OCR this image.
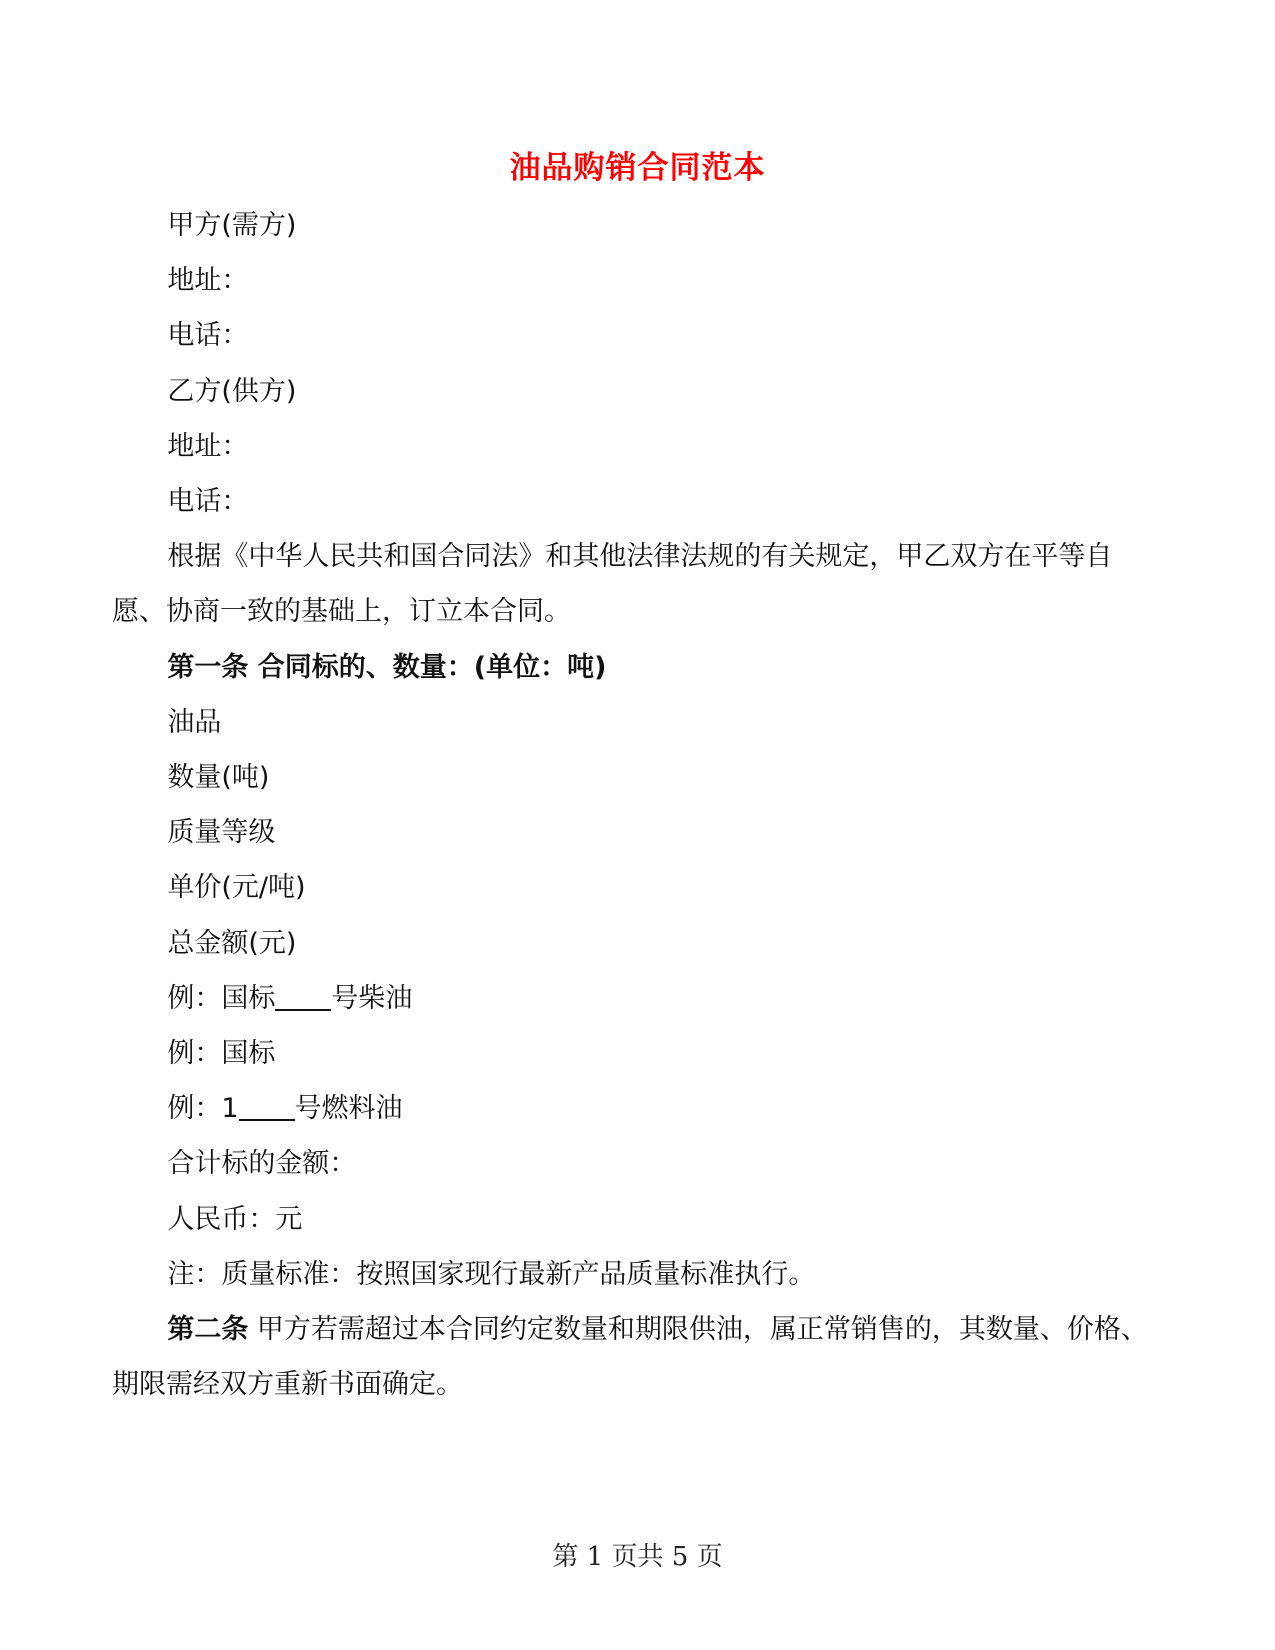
油品购销合同范本

甲方(需方)

地址：

电话：

乙方(供方)

地址：

电话：

根据《中华人民共和国合同法》和其他法律法规的有关规定，甲乙双方在平等自愿、协商一致的基础上，订立本合同。

第一条 合同标的、数量：(单位：吨)

油品

数量(吨)

质量等级

单价(元/吨)

总金额(元)

例：国标 号柴油

例：国标

例：1 号燃料油

合计标的金额：

人民币：元

注：质量标准：按照国家现行最新产品质量标准执行。

第二条 甲方若需超过本合同约定数量和期限供油，属正常销售的，其数量、价格、期限需经双方重新书面确定。

第 1 页共 5 页
